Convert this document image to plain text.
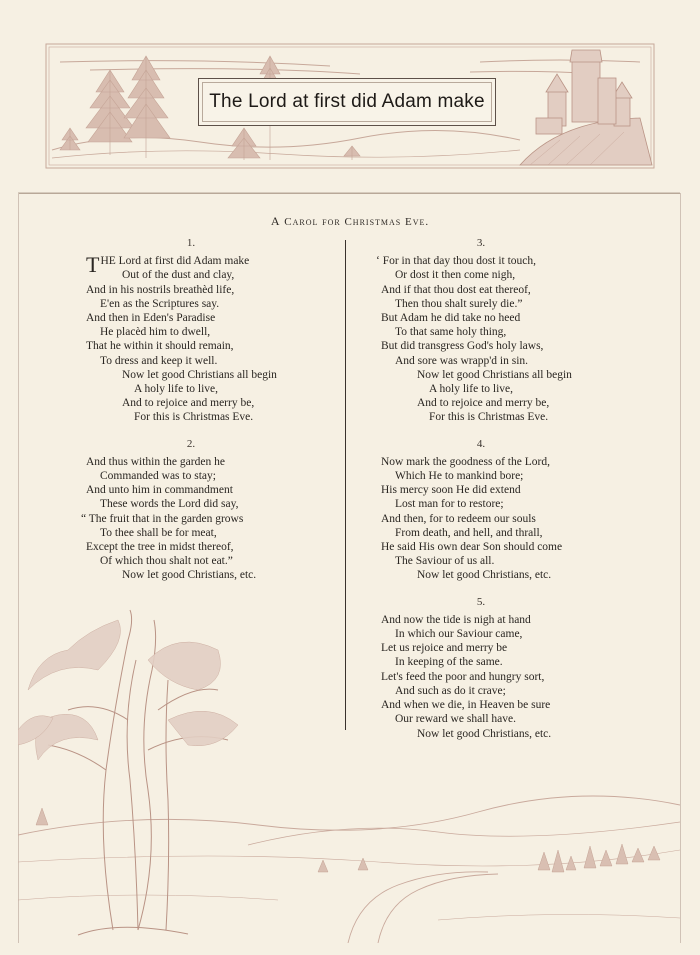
The Lord at first did Adam make
A Carol for Christmas Eve.
1.
THE Lord at first did Adam make
Out of the dust and clay,
And in his nostrils breathèd life,
E'en as the Scriptures say.
And then in Eden's Paradise
He placèd him to dwell,
That he within it should remain,
To dress and keep it well.
Now let good Christians all begin
A holy life to live,
And to rejoice and merry be,
For this is Christmas Eve.
2.
And thus within the garden he
Commanded was to stay;
And unto him in commandment
These words the Lord did say,
“ The fruit that in the garden grows
To thee shall be for meat,
Except the tree in midst thereof,
Of which thou shalt not eat.”
Now let good Christians, etc.
3.
‘ For in that day thou dost it touch,
Or dost it then come nigh,
And if that thou dost eat thereof,
Then thou shalt surely die.”
But Adam he did take no heed
To that same holy thing,
But did transgress God's holy laws,
And sore was wrapp'd in sin.
Now let good Christians all begin
A holy life to live,
And to rejoice and merry be,
For this is Christmas Eve.
4.
Now mark the goodness of the Lord,
Which He to mankind bore;
His mercy soon He did extend
Lost man for to restore;
And then, for to redeem our souls
From death, and hell, and thrall,
He said His own dear Son should come
The Saviour of us all.
Now let good Christians, etc.
5.
And now the tide is nigh at hand
In which our Saviour came,
Let us rejoice and merry be
In keeping of the same.
Let's feed the poor and hungry sort,
And such as do it crave;
And when we die, in Heaven be sure
Our reward we shall have.
Now let good Christians, etc.
